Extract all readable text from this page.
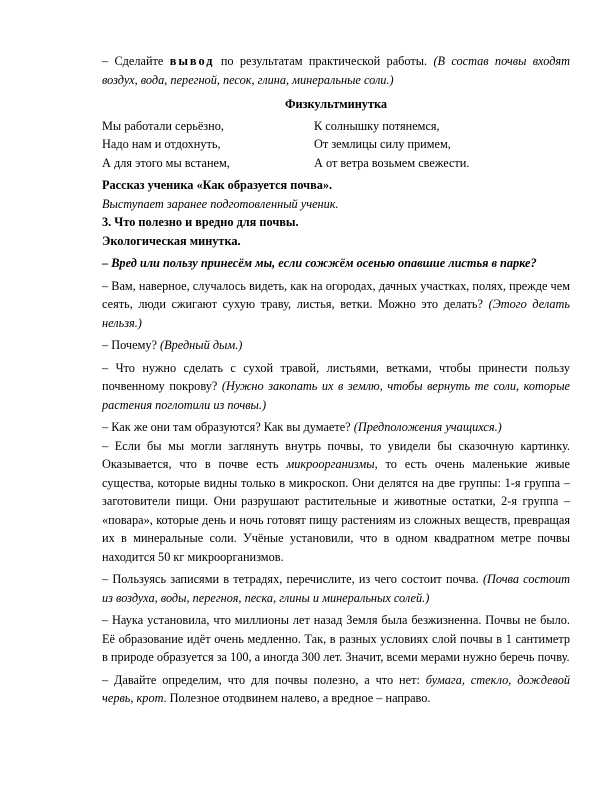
– Сделайте вывод по результатам практической работы. (В состав почвы входят воздух, вода, перегной, песок, глина, минеральные соли.)

Физкультминутка
Мы работали серьёзно,	К солнышку потянемся,
Надо нам и отдохнуть,	От землицы силу примем,
А для этого мы встанем,	А от ветра возьмем свежести.

Рассказ ученика «Как образуется почва».

Выступает заранее подготовленный ученик.

3. Что полезно и вредно для почвы.

Экологическая минутка.

– Вред или пользу принесём мы, если сожжём осенью опавшие листья в парке?

– Вам, наверное, случалось видеть, как на огородах, дачных участках, полях, прежде чем сеять, люди сжигают сухую траву, листья, ветки. Можно это делать? (Этого делать нельзя.)

– Почему? (Вредный дым.)

– Что нужно сделать с сухой травой, листьями, ветками, чтобы принести пользу почвенному покрову? (Нужно закопать их в землю, чтобы вернуть те соли, которые растения поглотили из почвы.)

– Как же они там образуются? Как вы думаете? (Предположения учащихся.)

– Если бы мы могли заглянуть внутрь почвы, то увидели бы сказочную картинку. Оказывается, что в почве есть микроорганизмы, то есть очень маленькие живые существа, которые видны только в микроскоп. Они делятся на две группы: 1-я группа – заготовители пищи. Они разрушают растительные и животные остатки, 2-я группа – «повара», которые день и ночь готовят пищу растениям из сложных веществ, превращая их в минеральные соли. Учёные установили, что в одном квадратном метре почвы находится 50 кг микроорганизмов.

– Пользуясь записями в тетрадях, перечислите, из чего состоит почва. (Почва состоит из воздуха, воды, перегноя, песка, глины и минеральных солей.)

– Наука установила, что миллионы лет назад Земля была безжизненна. Почвы не было. Её образование идёт очень медленно. Так, в разных условиях слой почвы в 1 сантиметр в природе образуется за 100, а иногда 300 лет. Значит, всеми мерами нужно беречь почву.

– Давайте определим, что для почвы полезно, а что нет: бумага, стекло, дождевой червь, крот. Полезное отодвинем налево, а вредное – направо.
